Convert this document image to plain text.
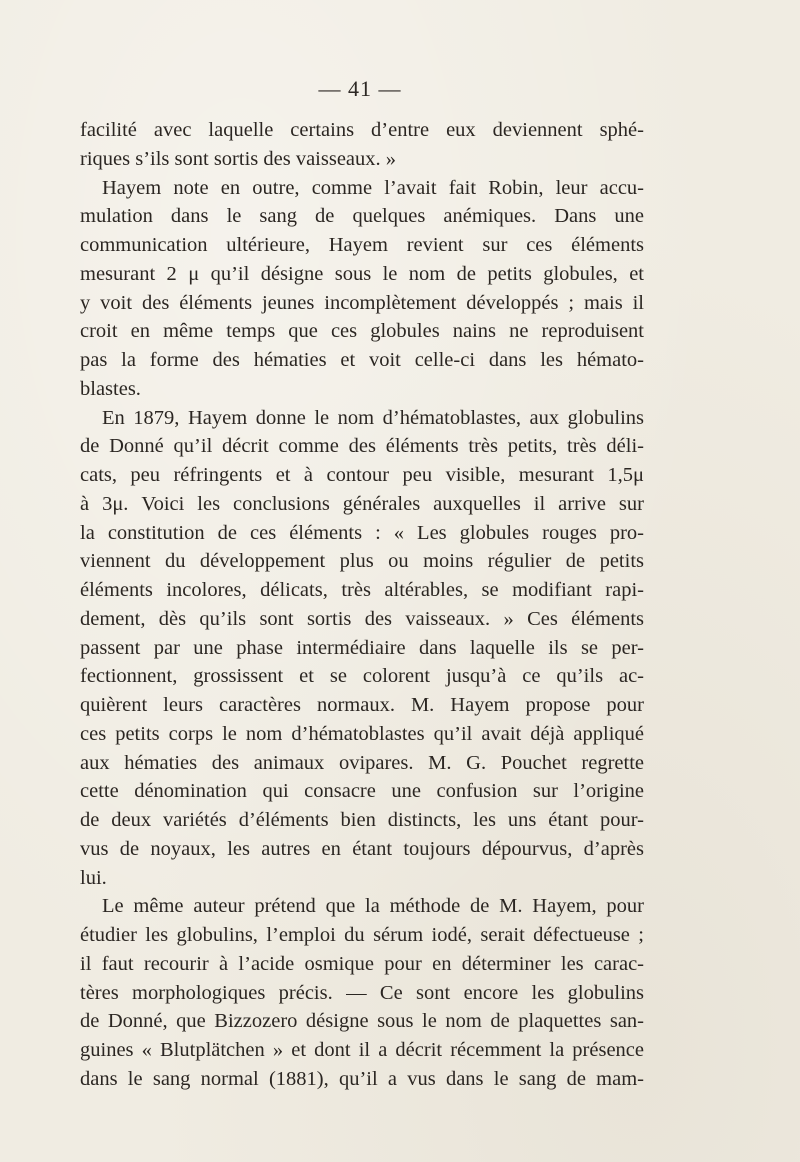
— 41 —
facilité avec laquelle certains d’entre eux deviennent sphé-
riques s’ils sont sortis des vaisseaux. »
Hayem note en outre, comme l’avait fait Robin, leur accu-
mulation dans le sang de quelques anémiques. Dans une
communication ultérieure, Hayem revient sur ces éléments
mesurant 2 μ qu’il désigne sous le nom de petits globules, et
y voit des éléments jeunes incomplètement développés ; mais il
croit en même temps que ces globules nains ne reproduisent
pas la forme des hématies et voit celle-ci dans les hémato-
blastes.
En 1879, Hayem donne le nom d’hématoblastes, aux globulins
de Donné qu’il décrit comme des éléments très petits, très déli-
cats, peu réfringents et à contour peu visible, mesurant 1,5μ
à 3μ. Voici les conclusions générales auxquelles il arrive sur
la constitution de ces éléments : « Les globules rouges pro-
viennent du développement plus ou moins régulier de petits
éléments incolores, délicats, très altérables, se modifiant rapi-
dement, dès qu’ils sont sortis des vaisseaux. » Ces éléments
passent par une phase intermédiaire dans laquelle ils se per-
fectionnent, grossissent et se colorent jusqu’à ce qu’ils ac-
quièrent leurs caractères normaux. M. Hayem propose pour
ces petits corps le nom d’hématoblastes qu’il avait déjà appliqué
aux hématies des animaux ovipares. M. G. Pouchet regrette
cette dénomination qui consacre une confusion sur l’origine
de deux variétés d’éléments bien distincts, les uns étant pour-
vus de noyaux, les autres en étant toujours dépourvus, d’après
lui.
Le même auteur prétend que la méthode de M. Hayem, pour
étudier les globulins, l’emploi du sérum iodé, serait défectueuse ;
il faut recourir à l’acide osmique pour en déterminer les carac-
tères morphologiques précis. — Ce sont encore les globulins
de Donné, que Bizzozero désigne sous le nom de plaquettes san-
guines « Blutplätchen » et dont il a décrit récemment la présence
dans le sang normal (1881), qu’il a vus dans le sang de mam-
